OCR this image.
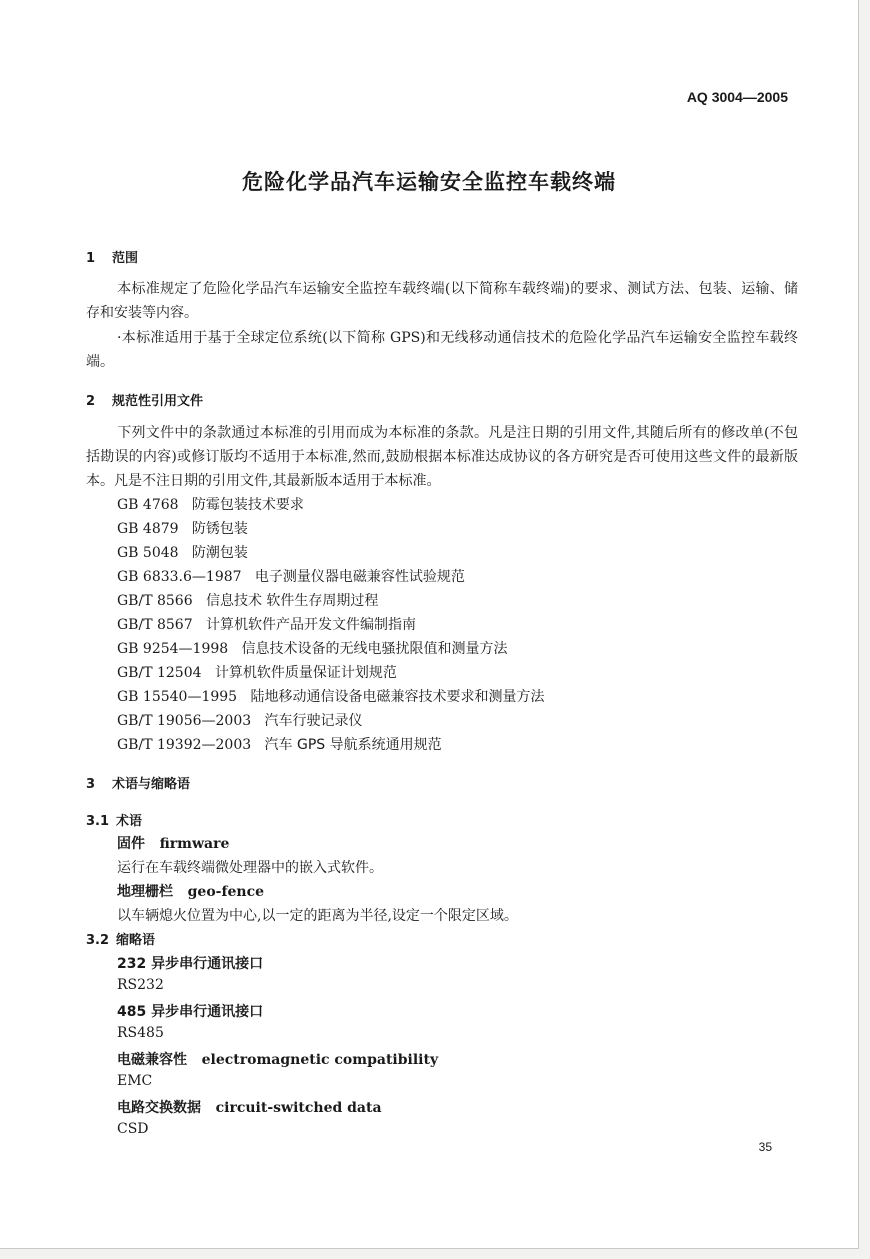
AQ 3004—2005
危险化学品汽车运输安全监控车载终端
1 范围
本标准规定了危险化学品汽车运输安全监控车载终端(以下简称车载终端)的要求、测试方法、包装、运输、储存和安装等内容。
·本标准适用于基于全球定位系统(以下简称 GPS)和无线移动通信技术的危险化学品汽车运输安全监控车载终端。
2 规范性引用文件
下列文件中的条款通过本标准的引用而成为本标准的条款。凡是注日期的引用文件,其随后所有的修改单(不包括勘误的内容)或修订版均不适用于本标准,然而,鼓励根据本标准达成协议的各方研究是否可使用这些文件的最新版本。凡是不注日期的引用文件,其最新版本适用于本标准。
GB 4768 防霉包装技术要求
GB 4879 防锈包装
GB 5048 防潮包装
GB 6833.6—1987 电子测量仪器电磁兼容性试验规范
GB/T 8566 信息技术 软件生存周期过程
GB/T 8567 计算机软件产品开发文件编制指南
GB 9254—1998 信息技术设备的无线电骚扰限值和测量方法
GB/T 12504 计算机软件质量保证计划规范
GB 15540—1995 陆地移动通信设备电磁兼容技术要求和测量方法
GB/T 19056—2003 汽车行驶记录仪
GB/T 19392—2003 汽车 GPS 导航系统通用规范
3 术语与缩略语
3.1 术语
固件 firmware
运行在车载终端微处理器中的嵌入式软件。
地理栅栏 geo-fence
以车辆熄火位置为中心,以一定的距离为半径,设定一个限定区域。
3.2 缩略语
232 异步串行通讯接口
RS232
485 异步串行通讯接口
RS485
电磁兼容性 electromagnetic compatibility
EMC
电路交换数据 circuit-switched data
CSD
35
